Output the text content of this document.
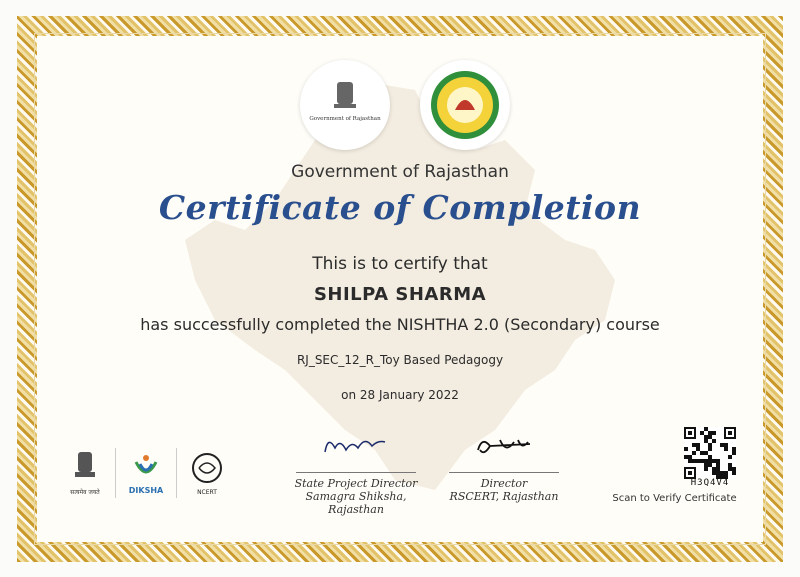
Government of Rajasthan
Government of Rajasthan
Certificate of Completion
This is to certify that
SHILPA SHARMA
has successfully completed the NISHTHA 2.0 (Secondary) course
RJ_SEC_12_R_Toy Based Pedagogy
on 28 January 2022
सत्यमेव जयते	DIKSHA	NCERT
State Project Director
Samagra Shiksha, Rajasthan
Director
RSCERT, Rajasthan
H3Q4V4
Scan to Verify Certificate
